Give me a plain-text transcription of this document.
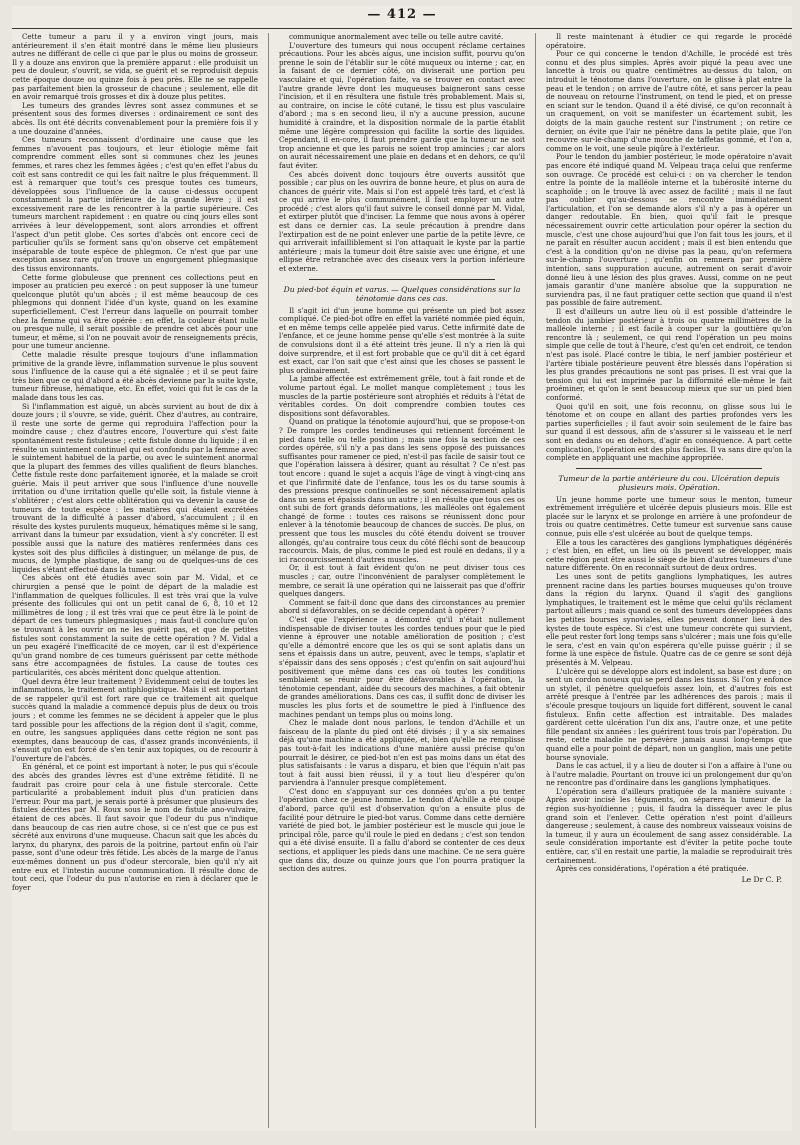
— 412 —

Cette tumeur a paru il y a environ vingt jours, mais antérieurement il s'en était montré dans le même lieu plusieurs autres ne différant de celle ci que par le plus ou moins de grosseur. Il y a douze ans environ que la première apparut : elle produisit un peu de douleur, s'ouvrit, se vida, se guérit et se reproduisit depuis cette époque douze ou quinze fois à peu près. Elle ne se rappelle pas parfaitement bien la grosseur de chacune ; seulement, elle dit en avoir remarqué trois grosses et dix à douze plus petites.

Les tumeurs des grandes lèvres sont assez communes et se présentent sous des formes diverses : ordinairement ce sont des abcès. Ils ont été décrits convenablement pour la première fois il y a une douzaine d'années.

Ces tumeurs reconnaissent d'ordinaire une cause que les femmes n'avouent pas toujours, et leur étiologie même fait comprendre comment elles sont si communes chez les jeunes femmes, et rares chez les femmes âgées ; c'est qu'en effet l'abus du coït est sans contredit ce qui les fait naître le plus fréquemment. Il est à remarquer que tout's ces presque toutes ces tumeurs, développées sous l'influence de la cause ci-dessus occupent constamment la partie inférieure de la grande lèvre ; il est excessivement rare de les rencontrer à la partie supérieure. Ces tumeurs marchent rapidement : en quatre ou cinq jours elles sont arrivées à leur développement, sont alors arrondies et offrent l'aspect d'un petit globe. Ces sortes d'abcès ont encore ceci de particulier qu'ils se forment sans qu'on observe cet empâtement inséparable de toute espèce de phlegmon. Ce n'est que par une exception assez rare qu'on trouve un engorgement phlegmasique des tissus environnants.

Cette forme globuleuse que prennent ces collections peut en imposer au praticien peu exercé : on peut supposer là une tumeur quelconque plutôt qu'un abcès ; il est même beaucoup de ces phlegmons qui donnent l'idée d'un kyste, quand on les examine superficiellement. C'est l'erreur dans laquelle on pourrait tomber chez la femme qui va être opérée : en effet, la couleur étant nulle ou presque nulle, il serait possible de prendre cet abcès pour une tumeur, et même, si l'on ne pouvait avoir de renseignements précis, pour une tumeur ancienne.

Cette maladie résulte presque toujours d'une inflammation primitive de la grande lèvre, inflammation survenue le plus souvent sous l'influence de la cause qui a été signalée ; et il se peut faire très bien que ce qui d'abord a été abcès devienne par la suite kyste, tumeur fibreuse, hématique, etc. En effet, voici qui fut le cas de la malade dans tous les cas.

Si l'inflammation est aiguë, un abcès survient au bout de dix à douze jours ; il s'ouvre, se vide, guérit. Chez d'autres, au contraire, il reste une sorte de germe qui reproduira l'affection pour la moindre cause ; chez d'autres encore, l'ouverture qui s'est faite spontanément reste fistuleuse ; cette fistule donne du liquide ; il en résulte un suintement continuel qui est confondu par la femme avec le suintement habituel de la partie, ou avec le suintement anormal que la plupart des femmes des villes qualifient de fleurs blanches. Cette fistule reste donc parfaitement ignorée, et la malade se croit guérie. Mais il peut arriver que sous l'influence d'une nouvelle irritation ou d'une irritation quelle qu'elle soit, la fistule vienne à s'oblitérer ; c'est alors cette oblitération qui va devenir la cause de tumeurs de toute espèce : les matières qui étaient excrétées trouvant de la difficulté à passer d'abord, s'accumulent ; il en résulte des kystes purulents muqueux, hématiques même si le sang, arrivant dans la tumeur par exsudation, vient à s'y concréter. Il est possible aussi que la nature des matières renfermées dans ces kystes soit des plus difficiles à distinguer, un mélange de pus, de mucus, de lymphe plastique, de sang ou de quelques-uns de ces liquides s'étant effectué dans la tumeur.

Ces abcès ont été étudiés avec soin par M. Vidal, et ce chirurgien a pensé que le point de départ de la maladie est l'inflammation de quelques follicules. Il est très vrai que la vulve présente des follicules qui ont un petit canal de 6, 8, 10 et 12 millimètres de long ; il est très vrai que ce peut être là le point de départ de ces tumeurs phlegmasiques ; mais faut-il conclure qu'on se trouvant à les ouvrir on ne les guérit pas, et que de petites fistules sont constamment la suite de cette opération ? M. Vidal a un peu exagéré l'inefficacité de ce moyen, car il est d'expérience qu'un grand nombre de ces tumeurs guérissent par cette méthode sans être accompagnées de fistules. La cause de toutes ces particularités, ces abcès méritent donc quelque attention.

Quel devra être leur traitement ? Evidemment celui de toutes les inflammations, le traitement antiphlogistique. Mais il est important de se rappeler qu'il est fort rare que ce traitement ait quelque succès quand la maladie a commencé depuis plus de deux ou trois jours ; et comme les femmes ne se décident à appeler que le plus tard possible pour les affections de la région dont il s'agit, comme, en outre, les sangsues appliquées dans cette région ne sont pas exemptes, dans beaucoup de cas, d'assez grands inconvénients, il s'ensuit qu'on est forcé de s'en tenir aux topiques, ou de recourir à l'ouverture de l'abcès.

En général, et ce point est important à noter, le pus qui s'écoule des abcès des grandes lèvres est d'une extrême fétidité. Il ne faudrait pas croire pour cela à une fistule stercorale. Cette particularité a probablement induit plus d'un praticien dans l'erreur. Pour ma part, je serais porté à présumer que plusieurs des fistules décrites par M. Roux sous le nom de fistule ano-vulvaire, étaient de ces abcès. Il faut savoir que l'odeur du pus n'indique dans beaucoup de cas rien autre chose, si ce n'est que ce pus est sécrété aux environs d'une muqueuse. Chacun sait que les abcès du larynx, du pharynx, des parois de la poitrine, partout enfin où l'air passe, sont d'une odeur très fétide. Les abcès de la marge de l'anus eux-mêmes donnent un pus d'odeur stercorale, bien qu'il n'y ait entre eux et l'intestin aucune communication. Il résulte donc de tout ceci, que l'odeur du pus n'autorise en rien à déclarer que le foyer

communique anormalement avec telle ou telle autre cavité.

L'ouverture des tumeurs qui nous occupent réclame certaines précautions. Pour les abcès aigus, une incision suffit, pourvu qu'on prenne le soin de l'établir sur le côté muqueux ou interne ; car, en la faisant de ce dernier côté, on diviserait une portion peu vasculaire et qui, l'opération faite, va se trouver en contact avec l'autre grande lèvre dont les muqueuses baigneront sans cesse l'incision, et il en résultera une fistule très probablement. Mais si, au contraire, on incise le côté cutané, le tissu est plus vasculaire d'abord ; ma s en second lieu, il n'y a aucune pression, aucune humidité à craindre, et la disposition normale de la partie établit même une légère compression qui facilite la sortie des liquides. Cependant, il en-core, il faut prendre garde que la tumeur ne soit trop ancienne et que les parois ne soient trop amincies ; car alors on aurait nécessairement une plaie en dedans et en dehors, ce qu'il faut éviter.

Ces abcès doivent donc toujours être ouverts aussitôt que possible ; car plus on les ouvrira de bonne heure, et plus on aura de chances de guérir vite. Mais si l'on est appelé très tard, et c'est là ce qui arrive le plus communément, il faut employer un autre procédé ; c'est alors qu'il faut suivre le conseil donné par M. Vidal, et extirper plutôt que d'inciser. La femme que nous avons à opérer est dans ce dernier cas. La seule précaution à prendre dans l'extirpation est de ne point enlever une partie de la petite lèvre, ce qui arriverait infailliblement si l'on attaquait le kyste par la partie antérieure ; mais la tumeur doit être saisie avec une érigne, et une ellipse être retranchée avec des ciseaux vers la portion inférieure et externe.

Du pied-bot équin et varus. — Quelques considérations sur la ténotomie dans ces cas.

Il s'agit ici d'un jeune homme qui présente un pied bot assez compliqué. Ce pied-bot offre en effet la variété nommée pied équin, et en même temps celle appelée pied varus. Cette infirmité date de l'enfance, et ce jeune homme pense qu'elle s'est montrée à la suite de convulsions dont il a été atteint très jeune. Il n'y a rien là qui doive surprendre, et il est fort probable que ce qu'il dit à cet égard est exact, car l'on sait que c'est ainsi que les choses se passent le plus ordinairement.

La jambe affectée est extrêmement grêle, tout à fait ronde et de volume partout égal. Le mollet manque complètement ; tous les muscles de la partie postérieure sont atrophiés et réduits à l'état de véritables cordes. On doit comprendre combien toutes ces dispositions sont défavorables.

Quand on pratique la ténotomie aujourd'hui, que se propose-t-on ? De rompre les cordes tendineuses qui retiennent forcément le pied dans telle ou telle position ; mais une fois la section de ces cordes opérée, s'il n'y a pas dans les sens opposé des puissances suffisantes pour ramener ce pied, n'est-il pas facile de saisir tout ce que l'opération laissera à désirer, quant au résultat ? Ce n'est pas tout encore : quand le sujet a acquis l'âge de vingt à vingt-cinq ans et que l'infirmité date de l'enfance, tous les os du tarse soumis à des pressions presque continuelles se sont nécessairement aplatis dans un sens et épaissis dans un autre ; il en résulte que tous ces os ont subi de fort grands déformations, les malléoles ont également changé de forme : toutes ces raisons se réunissent donc pour enlever à la ténotomie beaucoup de chances de succès. De plus, on pressent que tous les muscles du côté étendu doivent se trouver allongés, qu'au contraire tous ceux du côté fléchi sont de beaucoup raccourcis. Mais, de plus, comme le pied est roulé en dedans, il y a ici raccourcissement d'autres muscles.

Or, il est tout à fait évident qu'on ne peut diviser tous ces muscles ; car, outre l'inconvénient de paralyser complètement le membre, ce serait là une opération qui ne laisserait pas que d'offrir quelques dangers.

Comment se fait-il donc que dans des circonstances au premier abord si défavorables, on se décide cependant à opérer ?

C'est que l'expérience a démontré qu'il n'était nullement indispensable de diviser toutes les cordes tendues pour que le pied vienne à éprouver une notable amélioration de position ; c'est qu'elle a démontré encore que les os qui se sont aplatis dans un sens et épaissis dans un autre, peuvent, avec le temps, s'aplatir et s'épaissir dans des sens opposés ; c'est qu'enfin on sait aujourd'hui positivement que même dans ces cas où toutes les conditions semblaient se réunir pour être défavorables à l'opération, la ténotomie cependant, aidée du secours des machines, a fait obtenir de grandes améliorations. Dans ces cas, il suffit donc de diviser les muscles les plus forts et de soumettre le pied à l'influence des machines pendant un temps plus ou moins long.

Chez le malade dont nous parlons, le tendon d'Achille et un faisceau de la plante du pied ont été divisés ; il y a six semaines déjà qu'une machine a été appliquée, et, bien qu'elle ne remplisse pas tout-à-fait les indications d'une manière aussi précise qu'on pourrait le désirer, ce pied-bot n'en est pas moins dans un état des plus satisfaisants : le varus a disparu, et bien que l'équin n'ait pas tout à fait aussi bien réussi, il y a tout lieu d'espérer qu'on parviendra à l'annuler presque complètement.

C'est donc en s'appuyant sur ces données qu'on a pu tenter l'opération chez ce jeune homme. Le tendon d'Achille a été coupé d'abord, parce qu'il est d'observation qu'on a ensuite plus de facilité pour détruire le pied-bot varus. Comme dans cette dernière variété de pied bot, le jambier postérieur est le muscle qui joue le principal rôle, parce qu'il roule le pied en dedans ; c'est son tendon qui a été divisé ensuite. Il a fallu d'abord se contenter de ces deux sections, et appliquer les pieds dans une machine. Ce ne sera guère que dans dix, douze ou quinze jours que l'on pourra pratiquer la section des autres.

Il reste maintenant à étudier ce qui regarde le procédé opératoire.

Pour ce qui concerne le tendon d'Achille, le procédé est très connu et des plus simples. Après avoir piqué la peau avec une lancette à trois ou quatre centimètres au-dessus du talon, on introduit le ténotome dans l'ouverture, on le glisse à plat entre la peau et le tendon ; on arrive de l'autre côté, et sans percer la peau de nouveau on retourne l'instrument, on tend le pied, et on presse en sciant sur le tendon. Quand il a été divisé, ce qu'on reconnaît à un craquement, on voit se manifester un écartement subit, les doigts de la main gauche restent sur l'instrument ; on retire ce dernier, on évite que l'air ne pénètre dans la petite plaie, que l'on recouvre sur-le-champ d'une mouche de taffetas gommé, et l'on a, comme on le voit, une seule piqûre à l'extérieur.

Pour le tendon du jambier postérieur, le mode opératoire n'avait pas encore été indiqué quand M. Velpeau traça celui que renferme son ouvrage. Ce procédé est celui-ci : on va chercher le tendon entre la pointe de la malléole interne et la tubérosité interne du scaphoïde ; on le trouve là avec assez de facilité ; mais il ne faut pas oublier qu'au-dessous se rencontre immédiatement l'articulation, et l'on se demande alors s'il n'y a pas à opérer un danger redoutable. En bien, quoi qu'il fait le presque nécessairement ouvrir cette articulation pour opérer la section du muscle, c'est une chose aujourd'hui que l'on fait tous les jours, et il ne paraît en résulter aucun accident ; mais il est bien entendu que c'est à la condition qu'on ne divise pas la peau, qu'on refermera sur-le-champ l'ouverture ; qu'enfin on remnera par première intention, sans suppuration aucune, autrement on serait d'avoir donné lieu à une lésion des plus graves. Aussi, comme on ne peut jamais garantir d'une manière absolue que la suppuration ne surviendra pas, il ne faut pratiquer cette section que quand il n'est pas possible de faire autrement.

Il est d'ailleurs un autre lieu où il est possible d'atteindre le tendon du jambier postérieur à trois ou quatre millimètres de la malléole interne ; il est facile à couper sur la gouttière qu'on rencontre là ; seulement, ce qui rend l'opération un peu moins simple que celle de tout à l'heure, c'est qu'en cet endroit, ce tendon n'est pas isolé. Placé contre le tibia, le nerf jambier postérieur et l'artère tibiale postérieure peuvent être blessés dans l'opération si les plus grandes précautions ne sont pas prises. Il est vrai que la tension qui lui est imprimée par la difformité elle-même le fait proéminer, et qu'on le sent beaucoup mieux que sur un pied bien conformé.

Quoi qu'il en soit, une fois reconnu, on glisse sous lui le ténotome et on coupe en allant des parties profondes vers les parties superficielles ; il faut avoir soin seulement de le faire bas sur quand il est dessous, afin de s'assurer si le vaisseau et le nerf sont en dedans ou en dehors, d'agir en conséquence. A part cette complication, l'opération est des plus faciles. Il va sans dire qu'on la complète en appliquant une machine appropriée.

Tumeur de la partie antérieure du cou. Ulcération depuis plusieurs mois. Opération.

Un jeune homme porte une tumeur sous le menton, tumeur extrêmement irrégulière et ulcérée depuis plusieurs mois. Elle est placée sur le larynx et se prolonge en arrière à une profondeur de trois ou quatre centimètres. Cette tumeur est survenue sans cause connue, puis elle s'est ulcérée au bout de quelque temps.

Elle a tous les caractères des ganglions lymphatiques dégénérés ; c'est bien, en effet, un lieu où ils peuvent se développer, mais cette région peut être aussi le siège de bien d'autres tumeurs d'une nature différente. On en reconnaît surtout de deux ordres.

Les unes sont de petits ganglions lymphatiques, les autres prennent racine dans les parties bourses muqueuses qu'on trouve dans la région du larynx. Quand il s'agit des ganglions lymphatiques, le traitement est le même que celui qu'ils réclament partout ailleurs ; mais quand ce sont des tumeurs développées dans les petites bourses synoviales, elles peuvent donner lieu à des kystes de toute espèce. Si c'est une tumeur concrète qui survient, elle peut rester fort long temps sans s'ulcérer ; mais une fois qu'elle le sera, c'est en vain qu'on espérera qu'elle puisse guérir ; il se forme là une espèce de fistule. Quatre cas de ce genre se sont déjà présentés à M. Velpeau.

L'ulcère qui se développe alors est indolent, sa base est dure ; on sent un cordon noueux qui se perd dans les tissus. Si l'on y enfonce un stylet, il pénètre quelquefois assez loin, et d'autres fois est arrêté presque à l'entrée par les adhérences des parois ; mais il s'écoule presque toujours un liquide fort différent, souvent le canal fistuleux. Enfin cette affection est intraitable. Des malades gardèrent cette ulcération l'un dix ans, l'autre onze, et une petite fille pendant six années : les guérirent tous trois par l'opération. Du reste, cette maladie ne persévère jamais aussi long-temps que quand elle a pour point de départ, non un ganglion, mais une petite bourse synoviale.

Dans le cas actuel, il y a lieu de douter si l'on a affaire à l'une ou à l'autre maladie. Pourtant on trouve ici un prolongement dur qu'on ne rencontre pas d'ordinaire dans les ganglions lymphatiques.

L'opération sera d'ailleurs pratiquée de la manière suivante : Après avoir incisé les téguments, on séparera la tumeur de la région sus-hyoïdienne ; puis, il faudra la disséquer avec le plus grand soin et l'enlever. Cette opération n'est point d'ailleurs dangereuse ; seulement, à cause des nombreux vaisseaux voisins de la tumeur, il y aura un écoulement de sang assez considérable. La seule considération importante est d'éviter la petite poche toute entière, car, s'il en restait une partie, la maladie se reproduirait très certainement.

Après ces considérations, l'opération a été pratiquée.

Le Dr C. P.
